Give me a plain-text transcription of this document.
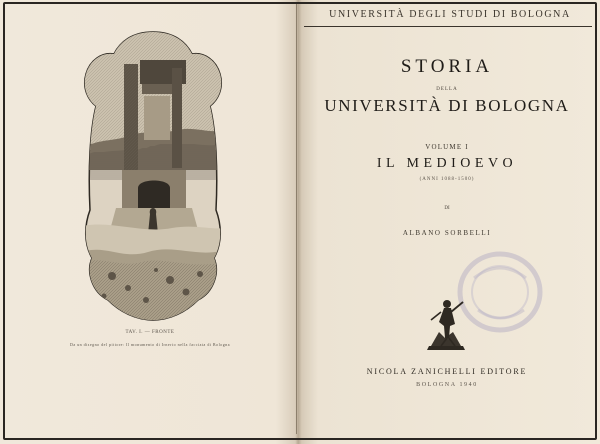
TAV. I. — FRONTE
Da un disegno del pittore: Il monumento di Irnerio nella facciata di Bologna
UNIVERSITÀ DEGLI STUDI DI BOLOGNA
STORIA
DELLA
UNIVERSITÀ DI BOLOGNA
VOLUME I
IL MEDIOEVO
(ANNI 1088-1500)
DI
ALBANO SORBELLI
NICOLA ZANICHELLI EDITORE
BOLOGNA 1940
